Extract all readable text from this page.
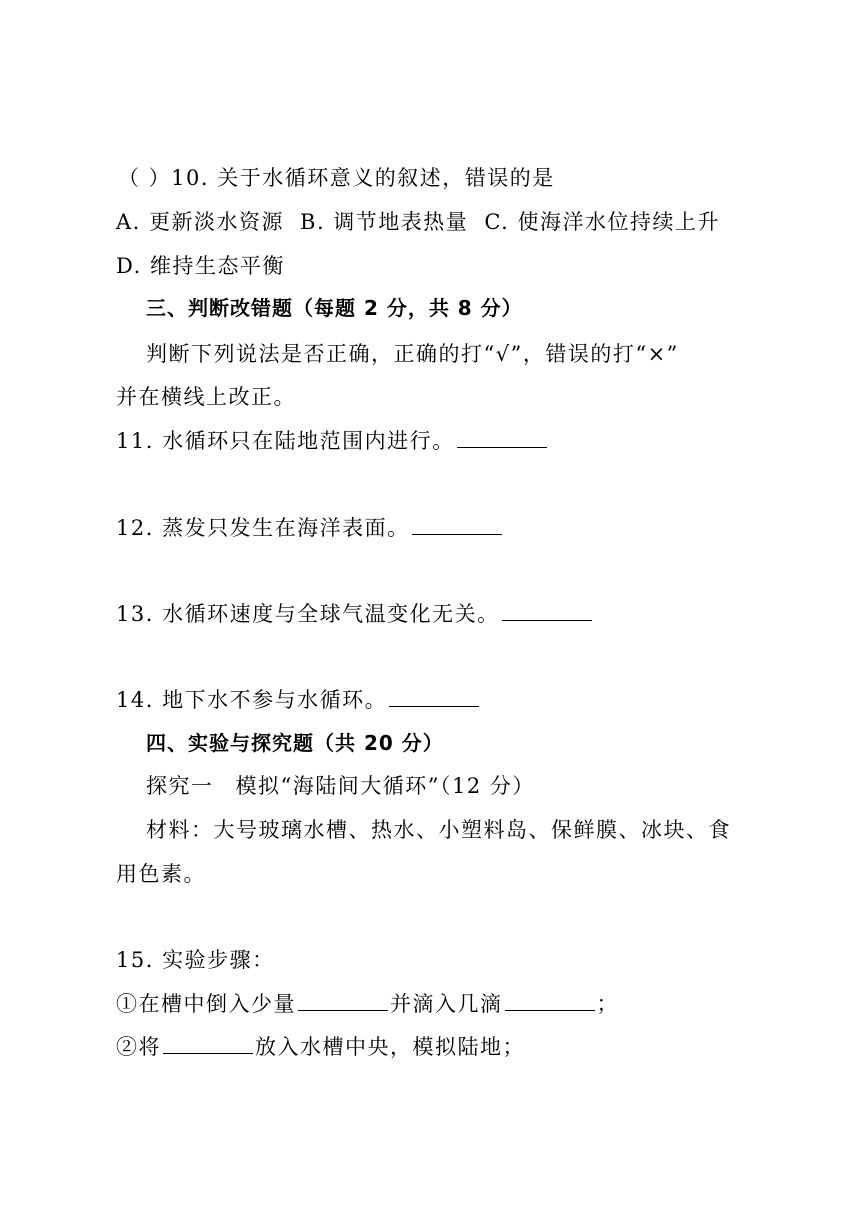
（ ）10. 关于水循环意义的叙述，错误的是
A. 更新淡水资源 B. 调节地表热量 C. 使海洋水位持续上升
D. 维持生态平衡
三、判断改错题（每题 2 分，共 8 分）
判断下列说法是否正确，正确的打“√”，错误的打“×”
并在横线上改正。
11. 水循环只在陆地范围内进行。
12. 蒸发只发生在海洋表面。
13. 水循环速度与全球气温变化无关。
14. 地下水不参与水循环。
四、实验与探究题（共 20 分）
探究一 模拟“海陆间大循环”（12 分）
材料：大号玻璃水槽、热水、小塑料岛、保鲜膜、冰块、食
用色素。
15. 实验步骤：
①在槽中倒入少量	并滴入几滴	；
②将	放入水槽中央，模拟陆地；
